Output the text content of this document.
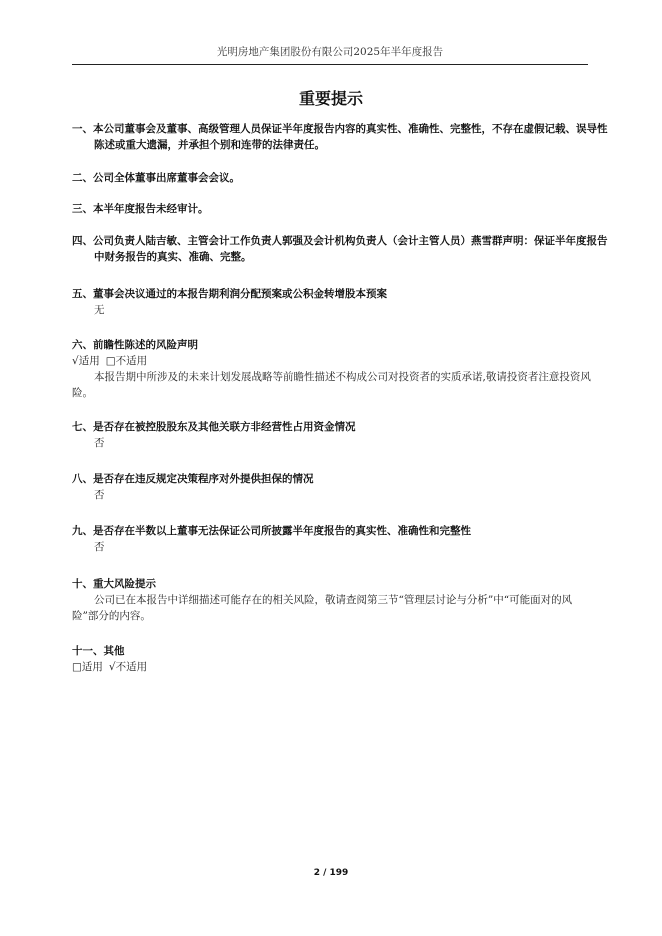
光明房地产集团股份有限公司2025年半年度报告
重要提示
一、本公司董事会及董事、高级管理人员保证半年度报告内容的真实性、准确性、完整性，不存在虚假记载、误导性陈述或重大遗漏，并承担个别和连带的法律责任。
二、公司全体董事出席董事会会议。
三、本半年度报告未经审计。
四、公司负责人陆吉敏、主管会计工作负责人郭强及会计机构负责人（会计主管人员）燕雪群声明：保证半年度报告中财务报告的真实、准确、完整。
五、董事会决议通过的本报告期利润分配预案或公积金转增股本预案
无
六、前瞻性陈述的风险声明
√适用 □不适用
本报告期中所涉及的未来计划发展战略等前瞻性描述不构成公司对投资者的实质承诺,敬请投资者注意投资风险。
七、是否存在被控股股东及其他关联方非经营性占用资金情况
否
八、是否存在违反规定决策程序对外提供担保的情况
否
九、是否存在半数以上董事无法保证公司所披露半年度报告的真实性、准确性和完整性
否
十、重大风险提示
公司已在本报告中详细描述可能存在的相关风险，敬请查阅第三节“管理层讨论与分析”中“可能面对的风险”部分的内容。
十一、其他
□适用 √不适用
2 / 199
